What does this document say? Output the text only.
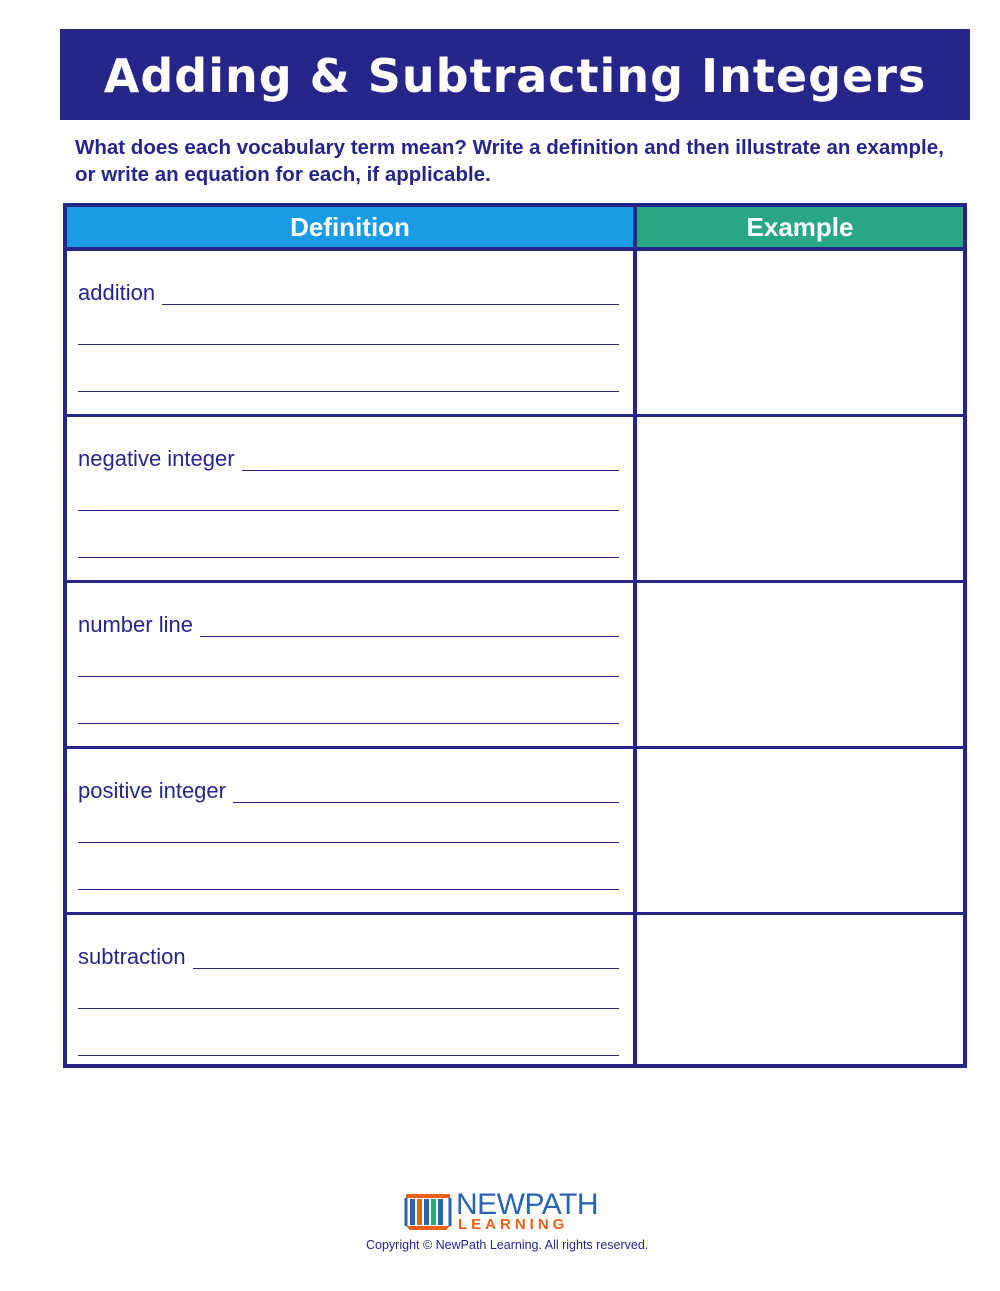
Adding & Subtracting Integers
What does each vocabulary term mean? Write a definition and then illustrate an example, or write an equation for each, if applicable.
Definition	Example
addition
negative integer
number line
positive integer
subtraction
NEWPATH
LEARNING
Copyright © NewPath Learning. All rights reserved.
